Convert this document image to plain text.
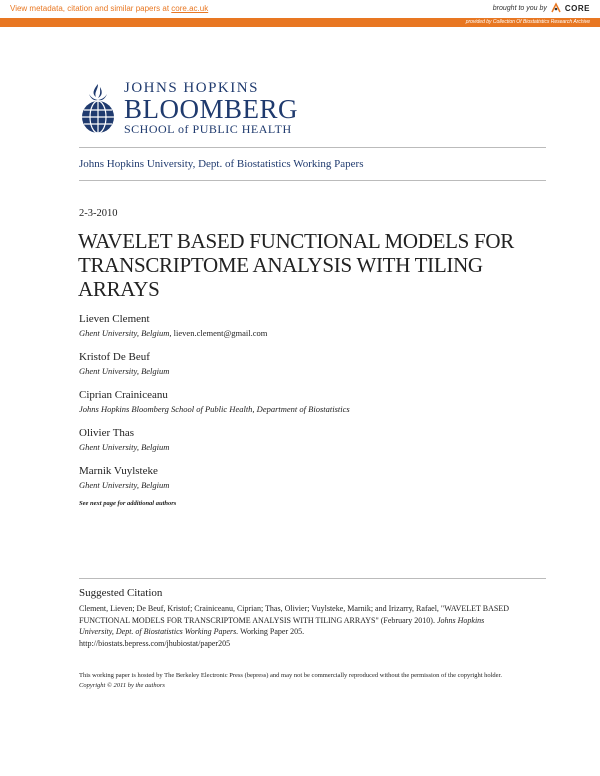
View metadata, citation and similar papers at core.ac.uk	brought to you by CORE
provided by Collection Of Biostatistics Research Archive
JOHNS HOPKINS
BLOOMBERG
SCHOOL of PUBLIC HEALTH
Johns Hopkins University, Dept. of Biostatistics Working Papers
2-3-2010
WAVELET BASED FUNCTIONAL MODELS FOR TRANSCRIPTOME ANALYSIS WITH TILING ARRAYS
Lieven Clement
Ghent University, Belgium, lieven.clement@gmail.com
Kristof De Beuf
Ghent University, Belgium
Ciprian Crainiceanu
Johns Hopkins Bloomberg School of Public Health, Department of Biostatistics
Olivier Thas
Ghent University, Belgium
Marnik Vuylsteke
Ghent University, Belgium
See next page for additional authors
Suggested Citation
Clement, Lieven; De Beuf, Kristof; Crainiceanu, Ciprian; Thas, Olivier; Vuylsteke, Marnik; and Irizarry, Rafael, "WAVELET BASED FUNCTIONAL MODELS FOR TRANSCRIPTOME ANALYSIS WITH TILING ARRAYS" (February 2010). Johns Hopkins University, Dept. of Biostatistics Working Papers. Working Paper 205.
http://biostats.bepress.com/jhubiostat/paper205
This working paper is hosted by The Berkeley Electronic Press (bepress) and may not be commercially reproduced without the permission of the copyright holder.
Copyright © 2011 by the authors
